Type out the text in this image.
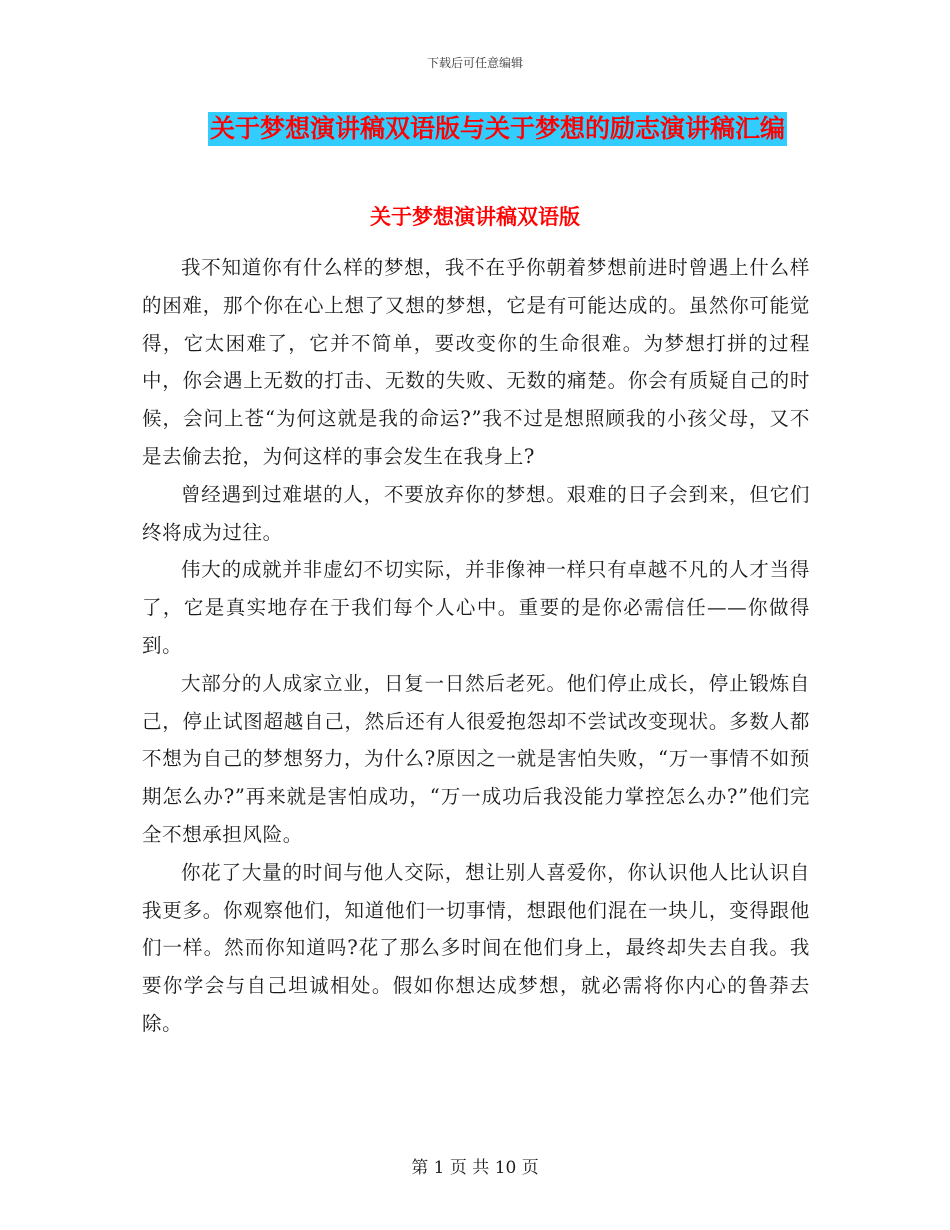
下载后可任意编辑
关于梦想演讲稿双语版与关于梦想的励志演讲稿汇编
关于梦想演讲稿双语版

我不知道你有什么样的梦想，我不在乎你朝着梦想前进时曾遇上什么样的困难，那个你在心上想了又想的梦想，它是有可能达成的。虽然你可能觉得，它太困难了，它并不简单，要改变你的生命很难。为梦想打拼的过程中，你会遇上无数的打击、无数的失败、无数的痛楚。你会有质疑自己的时候，会问上苍“为何这就是我的命运?”我不过是想照顾我的小孩父母，又不是去偷去抢，为何这样的事会发生在我身上?

曾经遇到过难堪的人，不要放弃你的梦想。艰难的日子会到来，但它们终将成为过往。

伟大的成就并非虚幻不切实际，并非像神一样只有卓越不凡的人才当得了，它是真实地存在于我们每个人心中。重要的是你必需信任——你做得到。

大部分的人成家立业，日复一日然后老死。他们停止成长，停止锻炼自己，停止试图超越自己，然后还有人很爱抱怨却不尝试改变现状。多数人都不想为自己的梦想努力，为什么?原因之一就是害怕失败，“万一事情不如预期怎么办?”再来就是害怕成功，“万一成功后我没能力掌控怎么办?”他们完全不想承担风险。

你花了大量的时间与他人交际，想让别人喜爱你，你认识他人比认识自我更多。你观察他们，知道他们一切事情，想跟他们混在一块儿，变得跟他们一样。然而你知道吗?花了那么多时间在他们身上，最终却失去自我。我要你学会与自己坦诚相处。假如你想达成梦想，就必需将你内心的鲁莽去除。

第 1 页 共 10 页
